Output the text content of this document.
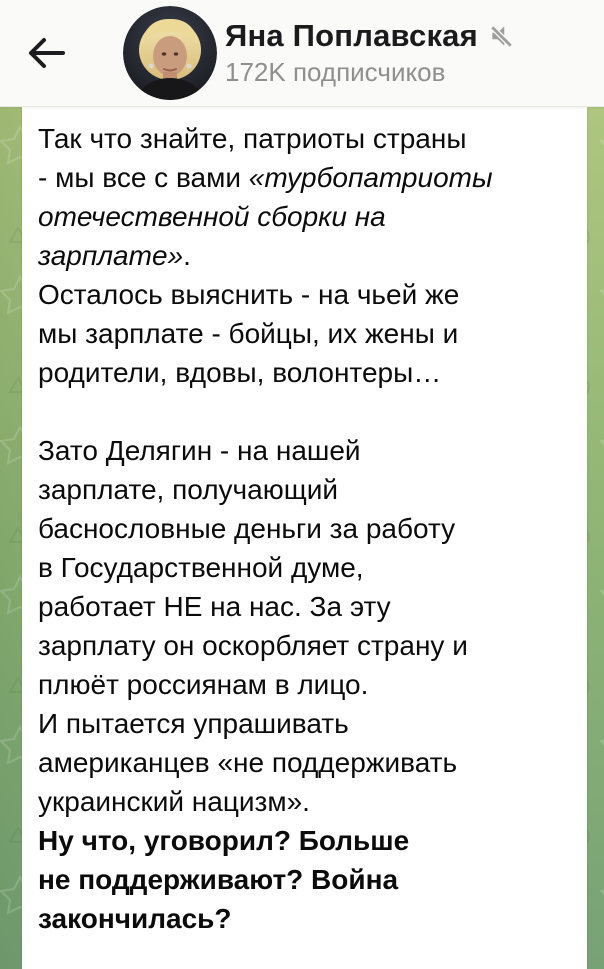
Яна Поплавская
172K подписчиков
Так что знайте, патриоты страны
- мы все с вами «турбопатриоты
отечественной сборки на
зарплате».
Осталось выяснить - на чьей же
мы зарплате - бойцы, их жены и
родители, вдовы, волонтеры…

Зато Делягин - на нашей
зарплате, получающий
баснословные деньги за работу
в Государственной думе,
работает НЕ на нас. За эту
зарплату он оскорбляет страну и
плюёт россиянам в лицо.
И пытается упрашивать
американцев «не поддерживать
украинский нацизм».
Ну что, уговорил? Больше
не поддерживают? Война
закончилась?
